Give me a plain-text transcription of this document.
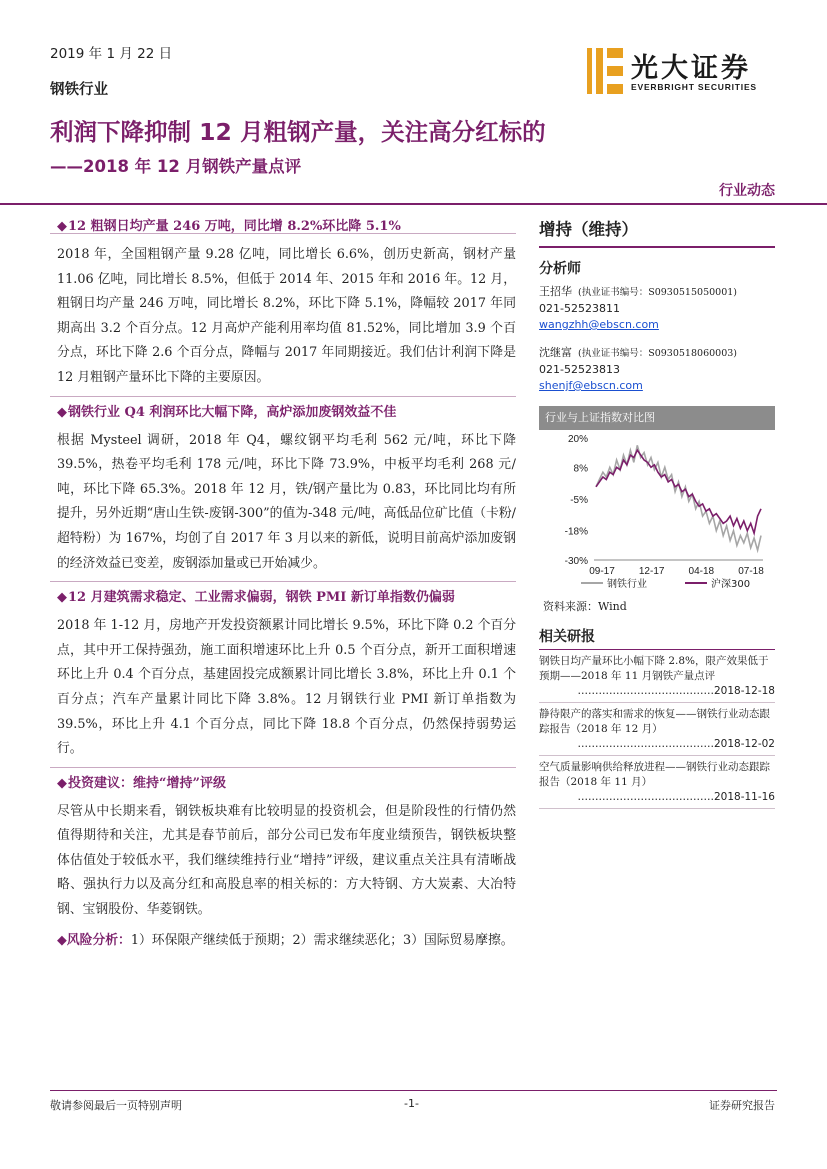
2019 年 1 月 22 日
钢铁行业
光大证券
EVERBRIGHT SECURITIES
利润下降抑制 12 月粗钢产量，关注高分红标的
——2018 年 12 月钢铁产量点评
行业动态
◆12 粗钢日均产量 246 万吨，同比增 8.2%环比降 5.1%
2018 年，全国粗钢产量 9.28 亿吨，同比增长 6.6%，创历史新高，钢材产量 11.06 亿吨，同比增长 8.5%，但低于 2014 年、2015 年和 2016 年。12 月，粗钢日均产量 246 万吨，同比增长 8.2%，环比下降 5.1%，降幅较 2017 年同期高出 3.2 个百分点。12 月高炉产能利用率均值 81.52%，同比增加 3.9 个百分点，环比下降 2.6 个百分点，降幅与 2017 年同期接近。我们估计利润下降是 12 月粗钢产量环比下降的主要原因。
◆钢铁行业 Q4 利润环比大幅下降，高炉添加废钢效益不佳
根据 Mysteel 调研，2018 年 Q4，螺纹钢平均毛利 562 元/吨，环比下降 39.5%，热卷平均毛利 178 元/吨，环比下降 73.9%，中板平均毛利 268 元/吨，环比下降 65.3%。2018 年 12 月，铁/钢产量比为 0.83，环比同比均有所提升，另外近期“唐山生铁-废钢-300”的值为-348 元/吨，高低品位矿比值（卡粉/超特粉）为 167%，均创了自 2017 年 3 月以来的新低，说明目前高炉添加废钢的经济效益已变差，废钢添加量或已开始减少。
◆12 月建筑需求稳定、工业需求偏弱，钢铁 PMI 新订单指数仍偏弱
2018 年 1-12 月，房地产开发投资额累计同比增长 9.5%，环比下降 0.2 个百分点，其中开工保持强劲，施工面积增速环比上升 0.5 个百分点，新开工面积增速环比上升 0.4 个百分点，基建固投完成额累计同比增长 3.8%，环比上升 0.1 个百分点；汽车产量累计同比下降 3.8%。12 月钢铁行业 PMI 新订单指数为 39.5%，环比上升 4.1 个百分点，同比下降 18.8 个百分点，仍然保持弱势运行。
◆投资建议：维持“增持”评级
尽管从中长期来看，钢铁板块难有比较明显的投资机会，但是阶段性的行情仍然值得期待和关注，尤其是春节前后，部分公司已发布年度业绩预告，钢铁板块整体估值处于较低水平，我们继续维持行业“增持”评级，建议重点关注具有清晰战略、强执行力以及高分红和高股息率的相关标的：方大特钢、方大炭素、大冶特钢、宝钢股份、华菱钢铁。
◆风险分析：1）环保限产继续低于预期；2）需求继续恶化；3）国际贸易摩擦。
增持（维持）
分析师
王招华 (执业证书编号：S0930515050001)
021-52523811
wangzhh@ebscn.com
沈继富 (执业证书编号：S0930518060003)
021-52523813
shenjf@ebscn.com
行业与上证指数对比图
20%
8%
-5%
-18%
-30%
09-17 12-17 04-18 07-18
钢铁行业	沪深300
资料来源：Wind
相关研报
钢铁日均产量环比小幅下降 2.8%，限产效果低于预期——2018 年 11 月钢铁产量点评
…………………………………2018-12-18
静待限产的落实和需求的恢复——钢铁行业动态跟踪报告（2018 年 12 月）
…………………………………2018-12-02
空气质量影响供给释放进程——钢铁行业动态跟踪报告（2018 年 11 月）
…………………………………2018-11-16
敬请参阅最后一页特别声明	-1-	证券研究报告
